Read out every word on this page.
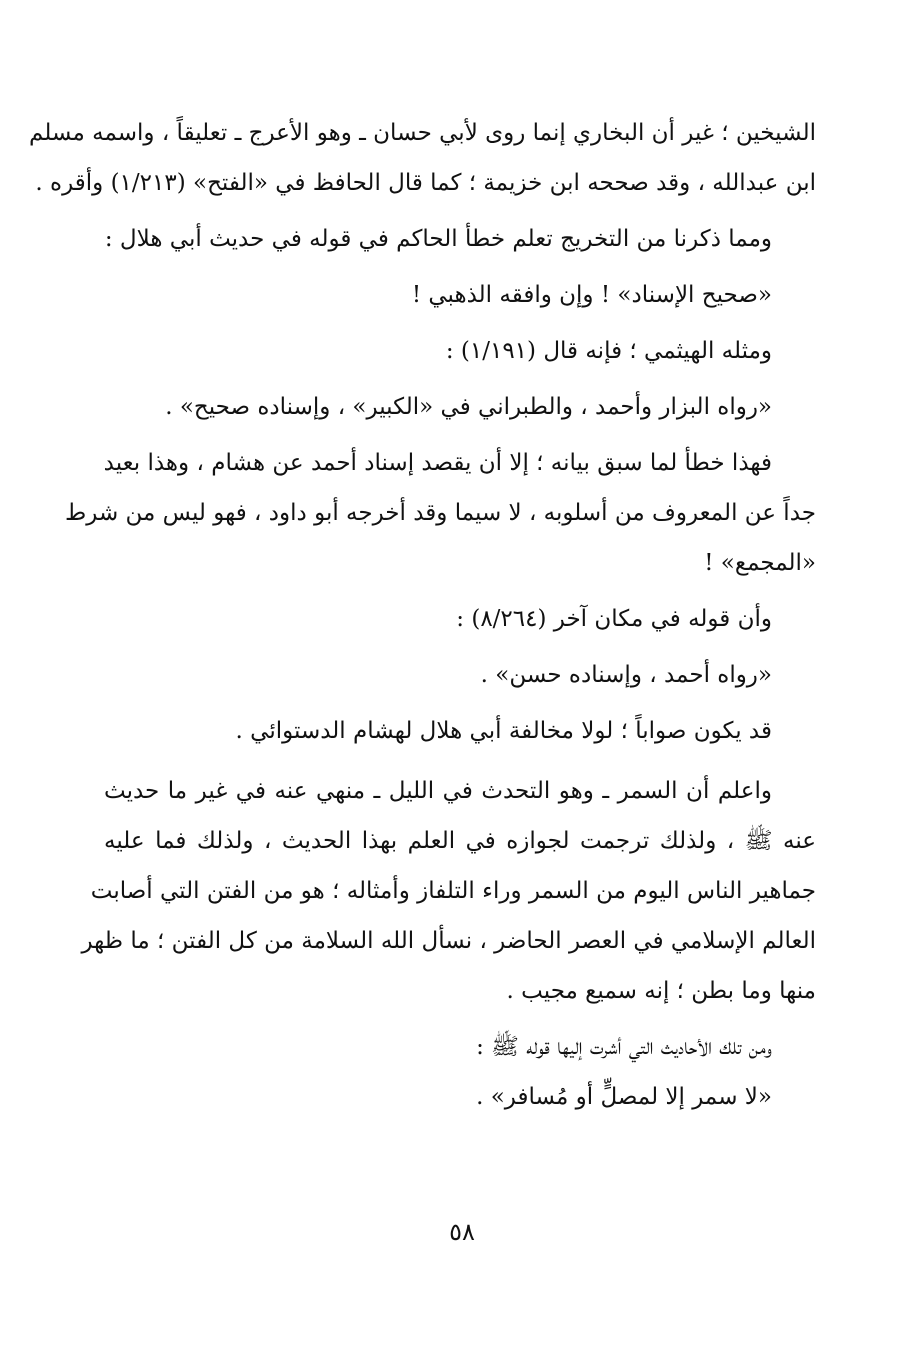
الشيخين ؛ غير أن البخاري إنما روى لأبي حسان ـ وهو الأعرج ـ تعليقاً ، واسمه مسلم
ابن عبدالله ، وقد صححه ابن خزيمة ؛ كما قال الحافظ في «الفتح» (١/٢١٣) وأقره .
ومما ذكرنا من التخريج تعلم خطأ الحاكم في قوله في حديث أبي هلال :
«صحيح الإسناد» ! وإن وافقه الذهبي !
ومثله الهيثمي ؛ فإنه قال (١/١٩١) :
«رواه البزار وأحمد ، والطبراني في «الكبير» ، وإسناده صحيح» .
فهذا خطأ لما سبق بيانه ؛ إلا أن يقصد إسناد أحمد عن هشام ، وهذا بعيد
جداً عن المعروف من أسلوبه ، لا سيما وقد أخرجه أبو داود ، فهو ليس من شرط
«المجمع» !
وأن قوله في مكان آخر (٨/٢٦٤) :
«رواه أحمد ، وإسناده حسن» .
قد يكون صواباً ؛ لولا مخالفة أبي هلال لهشام الدستوائي .
واعلم أن السمر ـ وهو التحدث في الليل ـ منهي عنه في غير ما حديث
عنه ﷺ ، ولذلك ترجمت لجوازه في العلم بهذا الحديث ، ولذلك فما عليه
جماهير الناس اليوم من السمر وراء التلفاز وأمثاله ؛ هو من الفتن التي أصابت
العالم الإسلامي في العصر الحاضر ، نسأل الله السلامة من كل الفتن ؛ ما ظهر
منها وما بطن ؛ إنه سميع مجيب .
ومن تلك الأحاديث التي أشرت إليها قوله ﷺ :
«لا سمر إلا لمصلٍّ أو مُسافر» .
٥٨
